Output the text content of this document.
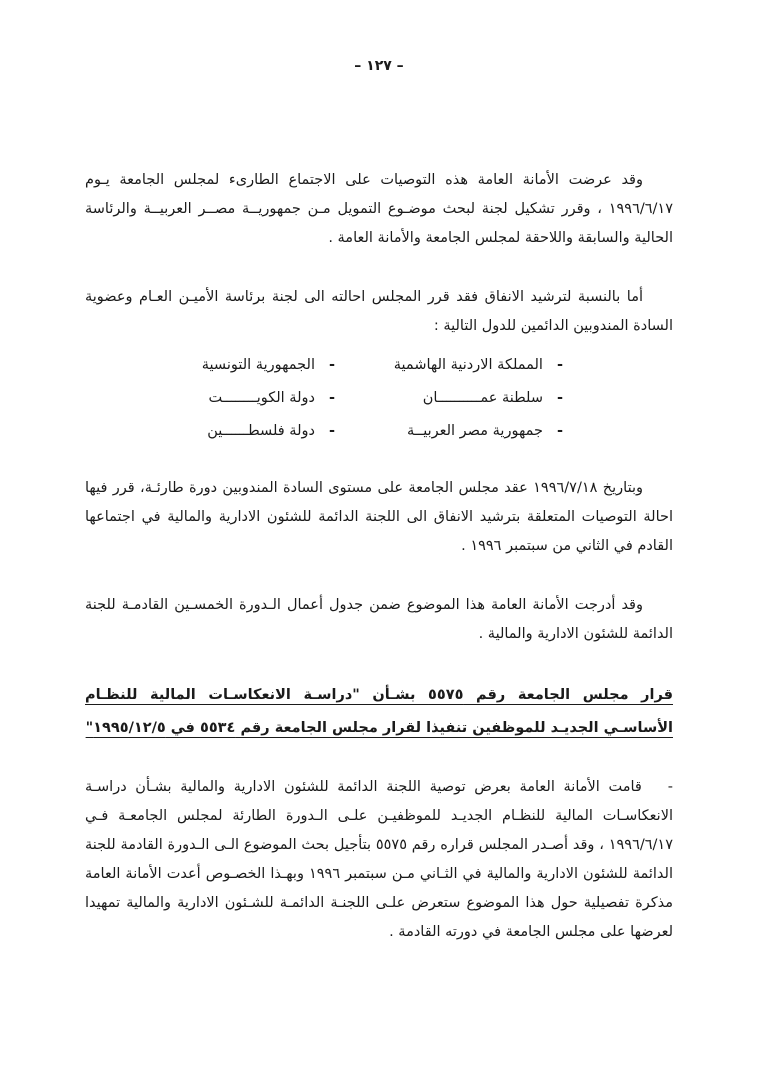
– ١٢٧ –

وقد عرضت الأمانة العامة هذه التوصيات على الاجتماع الطارىء لمجلس الجامعة يـوم ١٩٩٦/٦/١٧ ، وقرر تشكيل لجنة لبحث موضـوع التمويل مـن جمهوريــة مصــر العربيــة والرئاسة الحالية والسابقة واللاحقة لمجلس الجامعة والأمانة العامة .

أما بالنسبة لترشيد الانفاق فقد قرر المجلس احالته الى لجنة برئاسة الأميـن العـام وعضوية السادة المندوبين الدائمين للدول التالية :

-
المملكة الاردنية الهاشمية
-
الجمهورية التونسية
-
سلطنة عمــــــــــان
-
دولة الكويــــــــت
-
جمهورية مصر العربيــة
-
دولة فلسطــــــين

وبتاريخ ١٩٩٦/٧/١٨ عقد مجلس الجامعة على مستوى السادة المندوبين دورة طارئـة، قرر فيها احالة التوصيات المتعلقة بترشيد الانفاق الى اللجنة الدائمة للشئون الادارية والمالية في اجتماعها القادم في الثاني من سبتمبر ١٩٩٦ .

وقد أدرجت الأمانة العامة هذا الموضوع ضمن جدول أعمال الـدورة الخمسـين القادمـة للجنة الدائمة للشئون الادارية والمالية .

قرار مجلس الجامعة رقم ٥٥٧٥ بشـأن "دراسـة الانعكاسـات المالية للنظـام الأساسـي الجديـد للموظفين تنفيذا لقرار مجلس الجامعة رقم ٥٥٣٤ في ١٩٩٥/١٢/٥"

-   قامت الأمانة العامة بعرض توصية اللجنة الدائمة للشئون الادارية والمالية بشـأن دراسـة الانعكاسـات المالية للنظـام الجديـد للموظفيـن علـى الـدورة الطارئة لمجلس الجامعـة فـي ١٩٩٦/٦/١٧ ، وقد أصـدر المجلس قراره رقم ٥٥٧٥ بتأجيل بحث الموضوع الـى الـدورة القادمة للجنة الدائمة للشئون الادارية والمالية في الثـاني مـن سبتمبر ١٩٩٦ وبهـذا الخصـوص أعدت الأمانة العامة مذكرة تفصيلية حول هذا الموضوع ستعرض علـى اللجنـة الدائمـة للشـئون الادارية والمالية تمهيدا لعرضها على مجلس الجامعة في دورته القادمة .
